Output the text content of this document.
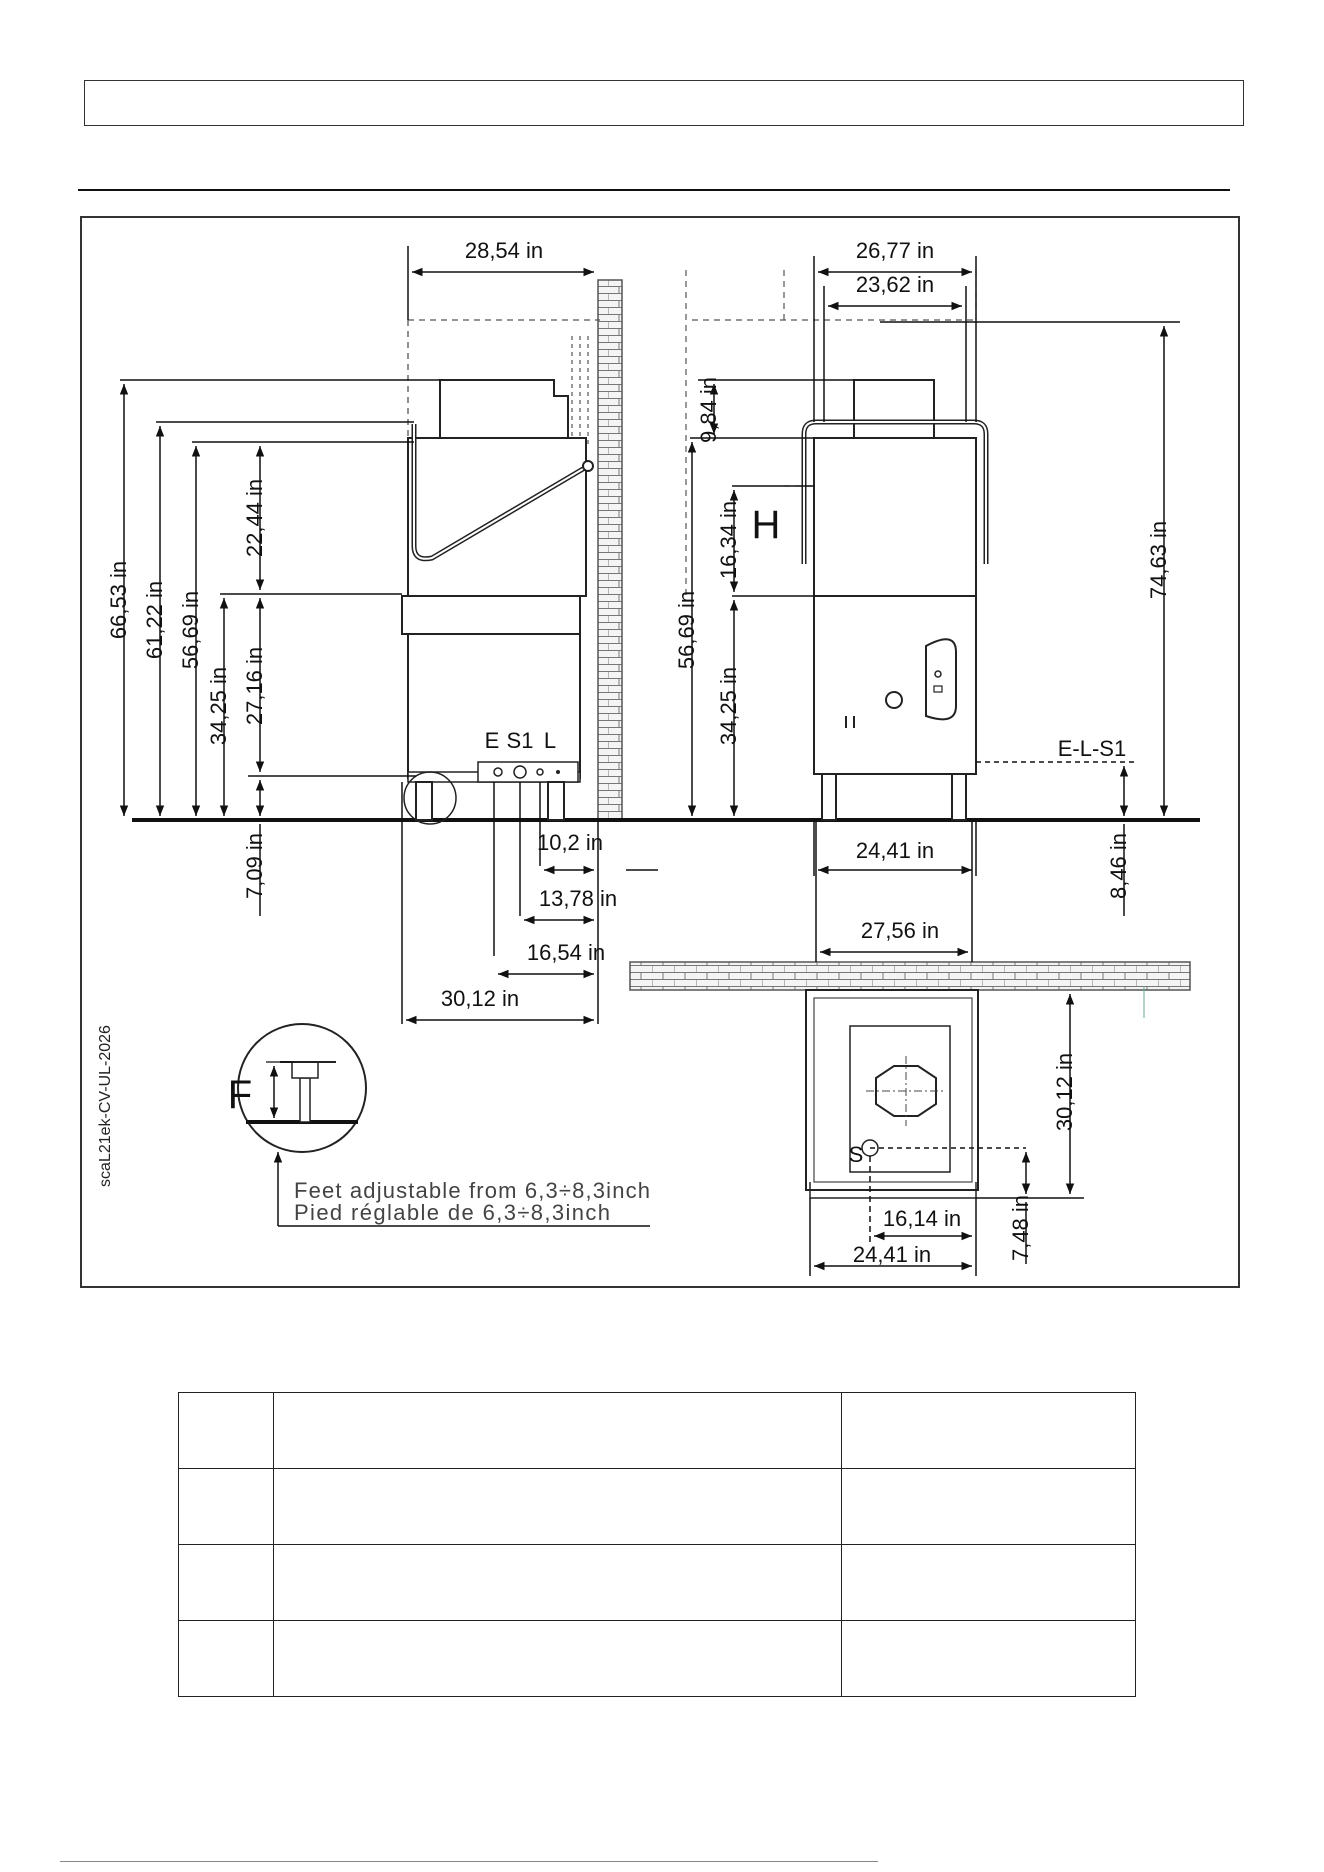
28,54 in
66,53 in 61,22 in 56,69 in
34,25 in
22,44 in
27,16 in
7,09 in	10,2 in
13,78 in
16,54 in
30,12 in
E S1 L
26,77 in
23,62 in
9,84 in
16,34 in
56,69 in
34,25 in
74,63 in
24,41 in	8,46 in
H
E-L-S1
27,56 in
30,12 in
16,14 in
24,41 in	7,48 in
S
F
Feet adjustable from 6,3÷8,3inch
Pied réglable de 6,3÷8,3inch
scaL21ek-CV-UL-2026
